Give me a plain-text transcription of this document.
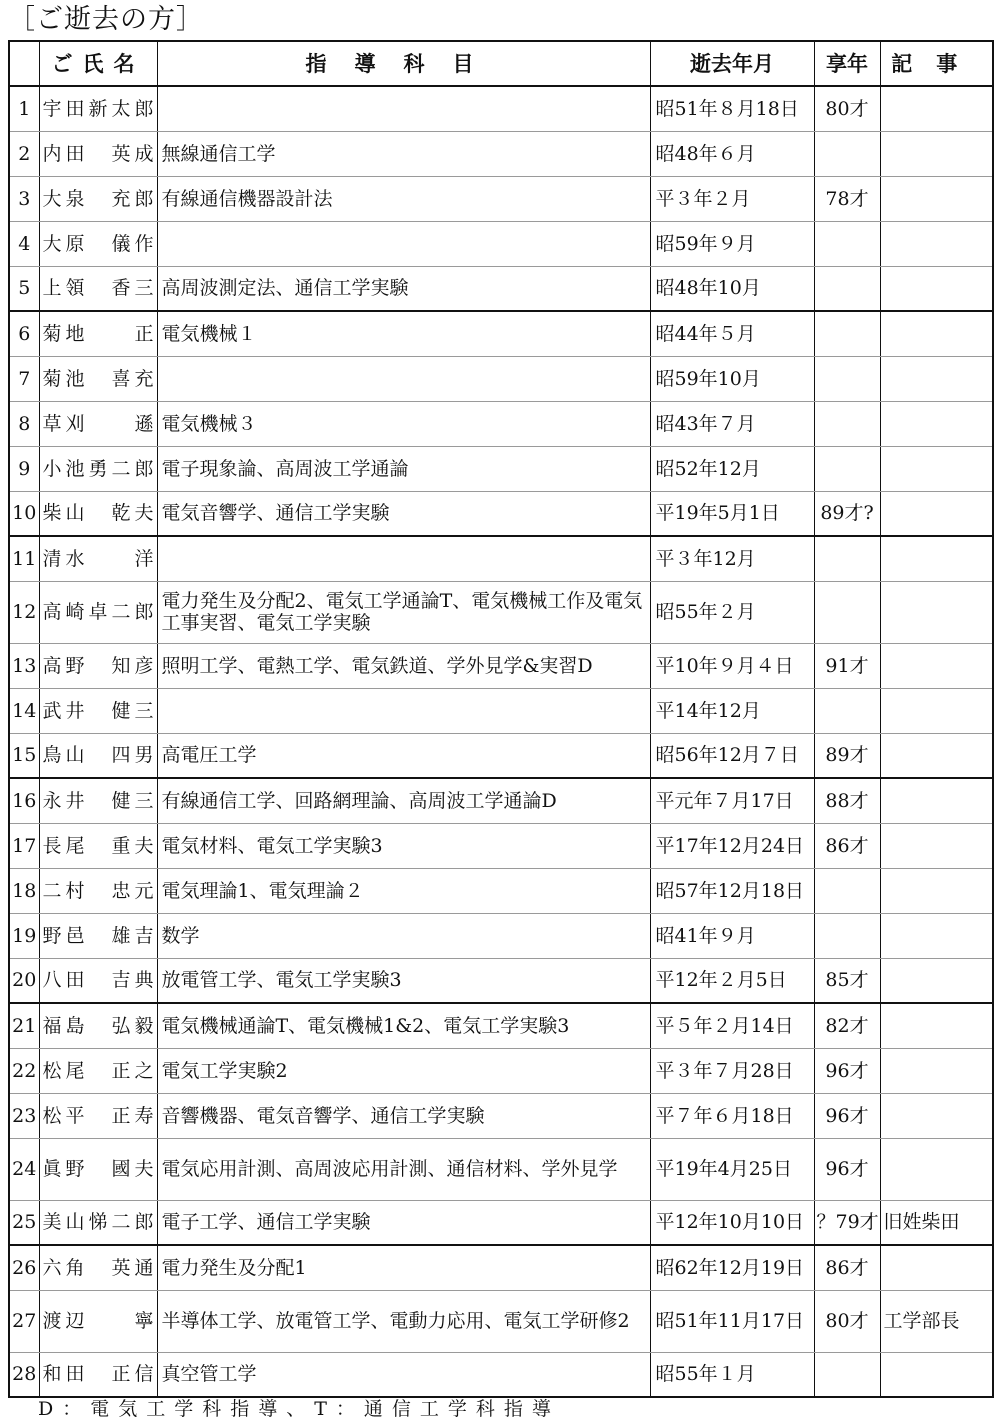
［ご逝去の方］
	ご氏名	指導科目	逝去年月	享年	記事
1	宇田新太郎		昭51年８月18日	80才	
2	内田　英成	無線通信工学	昭48年６月		
3	大泉　充郎	有線通信機器設計法	平３年２月	78才	
4	大原　儀作		昭59年９月		
5	上領　香三	高周波測定法、通信工学実験	昭48年10月		
6	菊地　　正	電気機械１	昭44年５月		
7	菊池　喜充		昭59年10月		
8	草刈　　遜	電気機械３	昭43年７月		
9	小池勇二郎	電子現象論、高周波工学通論	昭52年12月		
10	柴山　乾夫	電気音響学、通信工学実験	平19年5月1日	89才?	
11	清水　　洋		平３年12月		
12	高崎卓二郎	電力発生及分配2、電気工学通論T、電気機械工作及電気工事実習、電気工学実験	昭55年２月		
13	高野　知彦	照明工学、電熱工学、電気鉄道、学外見学&実習D	平10年９月４日	91才	
14	武井　健三		平14年12月		
15	鳥山　四男	高電圧工学	昭56年12月７日	89才	
16	永井　健三	有線通信工学、回路網理論、高周波工学通論D	平元年７月17日	88才	
17	長尾　重夫	電気材料、電気工学実験3	平17年12月24日	86才	
18	二村　忠元	電気理論1、電気理論２	昭57年12月18日		
19	野邑　雄吉	数学	昭41年９月		
20	八田　吉典	放電管工学、電気工学実験3	平12年２月5日	85才	
21	福島　弘毅	電気機械通論T、電気機械1&2、電気工学実験3	平５年２月14日	82才	
22	松尾　正之	電気工学実験2	平３年７月28日	96才	
23	松平　正寿	音響機器、電気音響学、通信工学実験	平７年６月18日	96才	
24	眞野　國夫	電気応用計測、高周波応用計測、通信材料、学外見学	平19年4月25日	96才	
25	美山悌二郎	電子工学、通信工学実験	平12年10月10日	？79才	旧姓柴田
26	六角　英通	電力発生及分配1	昭62年12月19日	86才	
27	渡辺　　寧	半導体工学、放電管工学、電動力応用、電気工学研修2	昭51年11月17日	80才	工学部長
28	和田　正信	真空管工学	昭55年１月		
D：電気工学科指導、T：通信工学科指導
